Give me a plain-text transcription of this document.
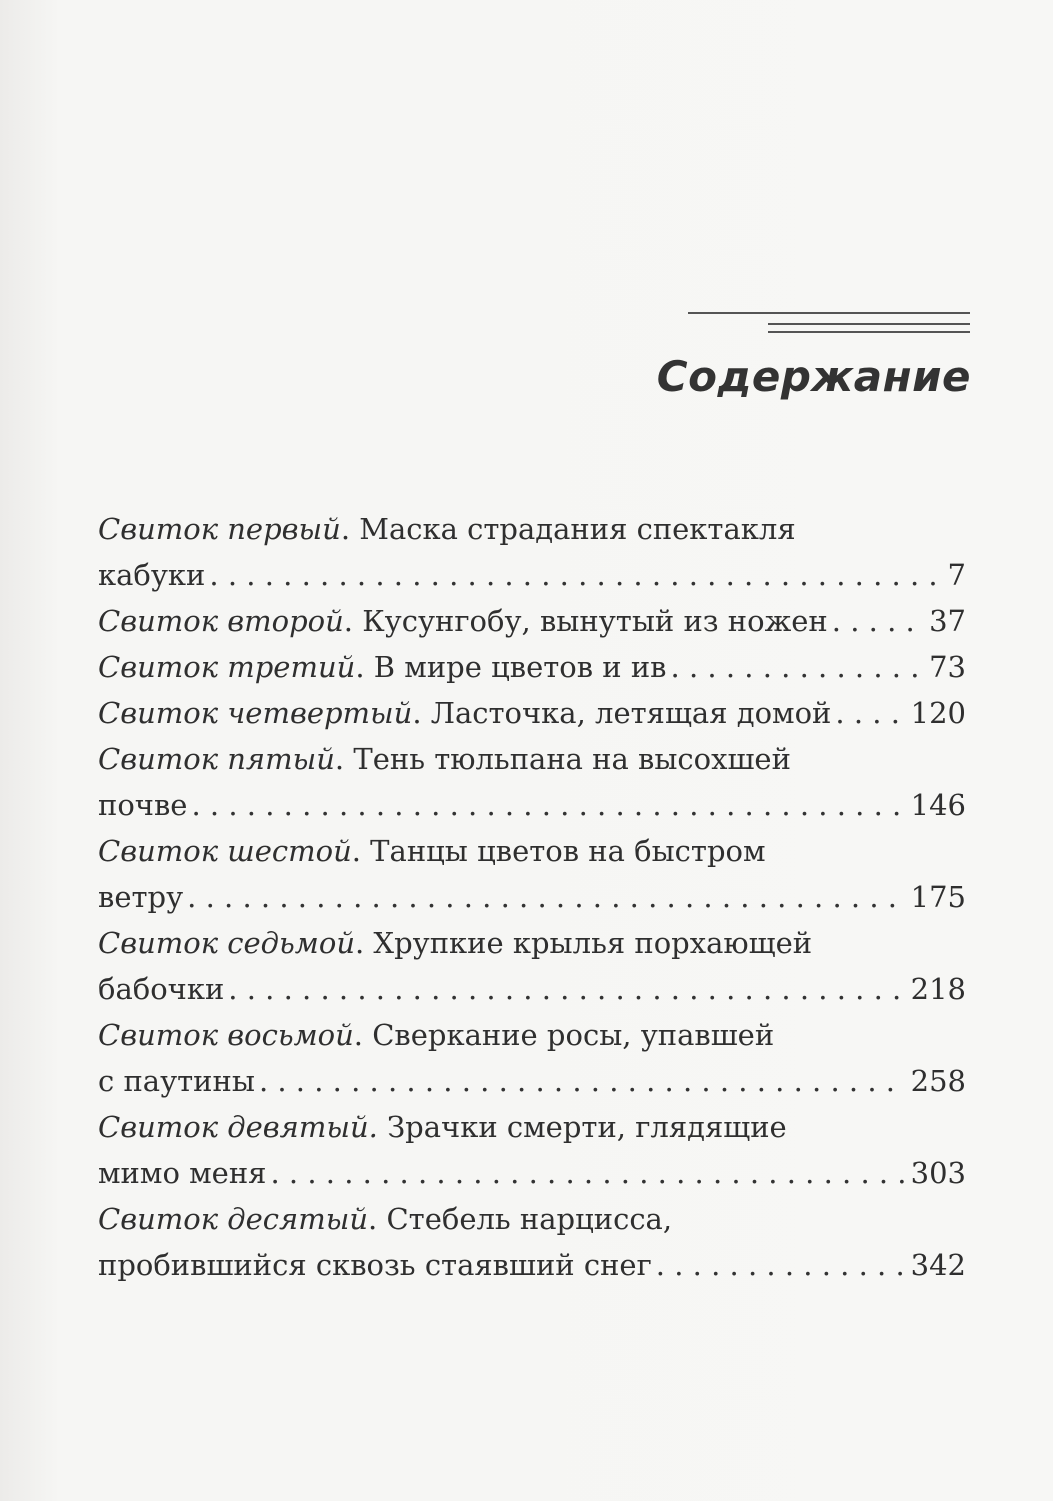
Содержание
Свиток первый. Маска страдания спектакля
кабуки . . .	7
Свиток второй . Кусунгобу, вынутый из ножен . . .	37
Свиток третий . В мире цветов и ив . . .	73
Свиток четвертый . Ласточка, летящая домой . . .	120
Свиток пятый. Тень тюльпана на высохшей
почве . . .	146
Свиток шестой. Танцы цветов на быстром
ветру . . .	175
Свиток седьмой. Хрупкие крылья порхающей
бабочки . . .	218
Свиток восьмой. Сверкание росы, упавшей
с паутины . . .	258
Свиток девятый. Зрачки смерти, глядящие
мимо меня . . .	303
Свиток десятый. Стебель нарцисса,
пробившийся сквозь стаявший снег . . .	342
